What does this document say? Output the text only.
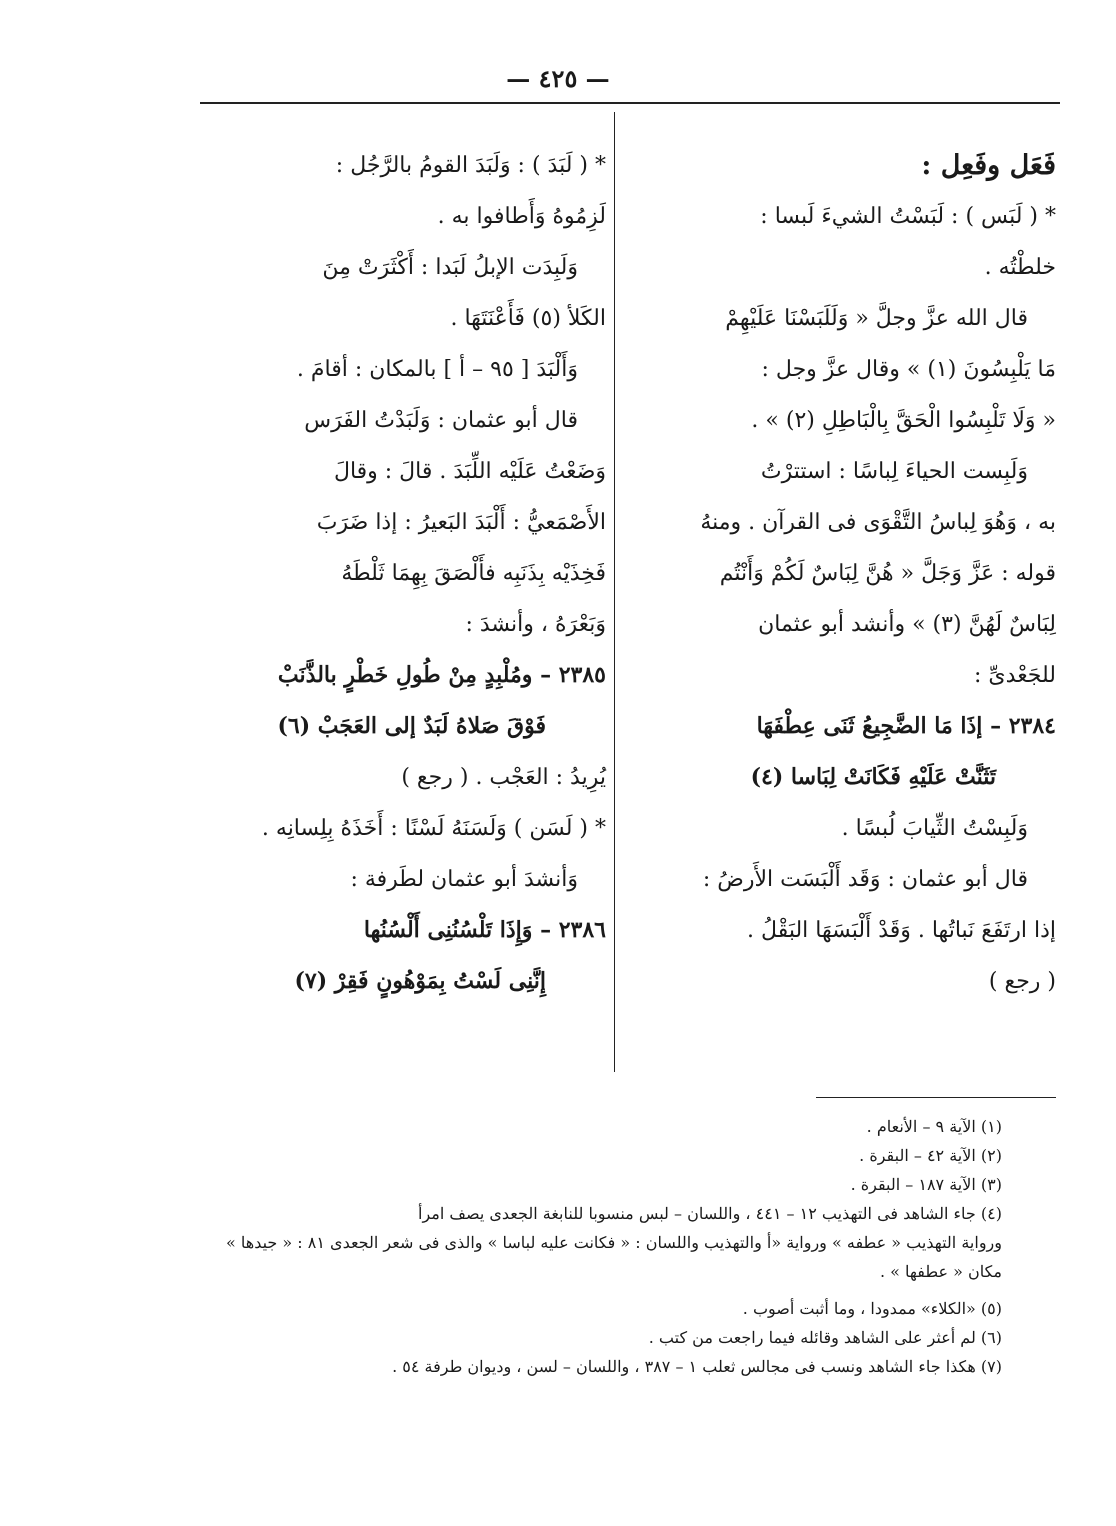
— ٤٢٥ —
فَعَل وفَعِل :
* ( لَبَس ) : لَبَسْتُ الشيءَ لَبسا :
خلطْتُه .
قال الله عزَّ وجلَّ « وَلَلَبَسْنَا عَلَيْهِمْ
مَا يَلْبِسُونَ (١) » وقال عزَّ وجل :
« وَلَا تَلْبِسُوا الْحَقَّ بِالْبَاطِلِ (٢) » .
وَلَبِست الحياءَ لِباسًا : استترْتُ
به ، وَهُوَ لِباسُ التَّقْوَى فى القرآن . ومنهُ
قوله : عَزَّ وَجَلَّ « هُنَّ لِبَاسٌ لَكُمْ وَأَنْتُم
لِبَاسٌ لَهُنَّ (٣) » وأنشد أبو عثمان
للجَعْدىِّ :
٢٣٨٤ – إذَا مَا الضَّجِيعُ ثَنَى عِطْفَهَا
تَثَنَّتْ عَلَيْهِ فَكَانَتْ لِبَاسا (٤)
وَلَبِسْتُ الثِّيابَ لُبسًا .
قال أبو عثمان : وَقَد أَلْبَسَت الأَرضُ :
إذا ارتَفَعَ نَباتُها . وَقَدْ أَلْبَسَهَا البَقْلُ .
( رجع )
* ( لَبَدَ ) : وَلَبَدَ القومُ بالرَّجُل :
لَزِمُوهُ وَأَطافوا به .
وَلَبِدَت الإبلُ لَبَدا : أَكْثَرَتْ مِنَ
الكَلأ (٥) فَأَعْنَتَهَا .
وَأَلْبَدَ [ ٩٥ – أ ] بالمكان : أقامَ .
قال أبو عثمان : وَلَبَدْتُ الفَرَس
وَضَعْتُ عَلَيْه اللِّبَدَ . قالَ : وقالَ
الأَصْمَعيُّ : أَلْبَدَ البَعيرُ : إذا ضَرَبَ
فَخِذَيْه بِذَنَبِه فأَلْصَقَ بِهِمَا ثَلْطَهُ
وَبَعْرَهُ ، وأنشدَ :
٢٣٨٥ – ومُلْبِدٍ مِنْ طُولِ خَطْرٍ بالذَّنَبْ
فَوْقَ صَلاهُ لَبَدٌ إلى العَجَبْ (٦)
يُرِيدُ : العَجْب . ( رجع )
* ( لَسَن ) وَلَسَنَهُ لَسْنًا : أَخَذَهُ بِلِسانِه .
وَأنشدَ أبو عثمان لطَرفة :
٢٣٨٦ – وَإِذَا تَلْسُنُنِى أَلْسُنُها
إِنَّنِى لَسْتُ بِمَوْهُونٍ فَقِرْ (٧)
(١) الآية ٩ – الأنعام .
(٢) الآية ٤٢ – البقرة .
(٣) الآية ١٨٧ – البقرة .
(٤) جاء الشاهد فى التهذيب ١٢ – ٤٤١ ، واللسان – لبس منسوبا للنابغة الجعدى يصف امرأ
ورواية التهذيب « عطفه » ورواية «أ والتهذيب واللسان : « فكانت عليه لباسا » والذى فى شعر الجعدى ٨١ : « جيدها »
مكان « عطفها » .
(٥) «الكلاء» ممدودا ، وما أثبت أصوب .
(٦) لم أعثر على الشاهد وقائله فيما راجعت من كتب .
(٧) هكذا جاء الشاهد ونسب فى مجالس ثعلب ١ – ٣٨٧ ، واللسان – لسن ، وديوان طرفة ٥٤ .
